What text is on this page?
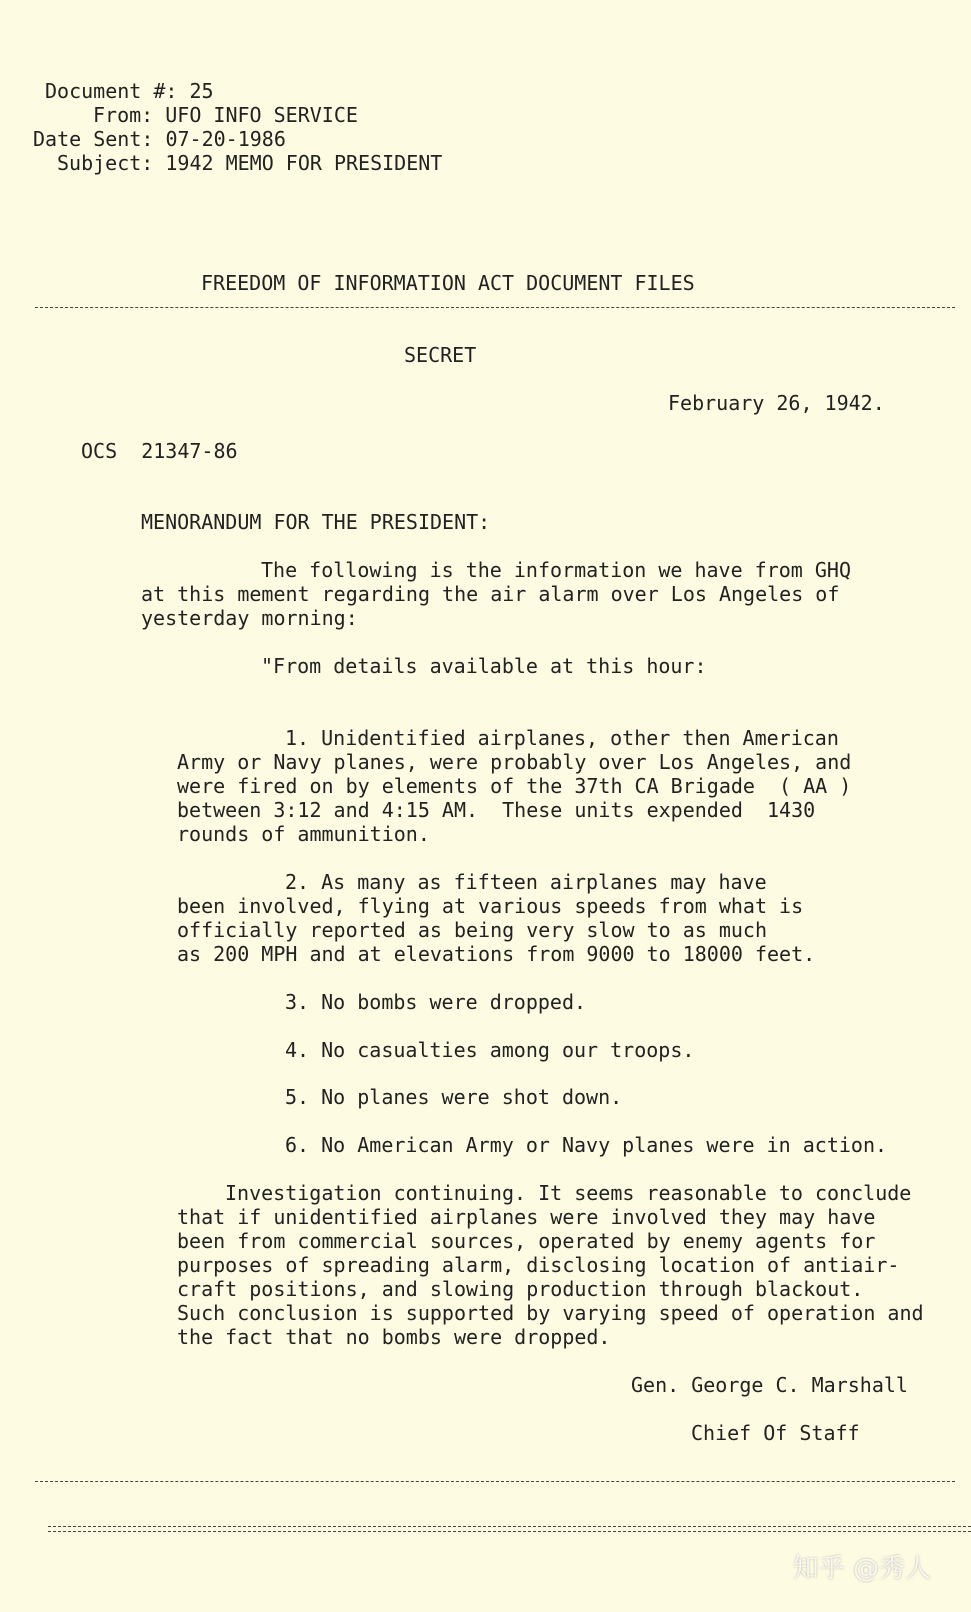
Document #: 25
From: UFO INFO SERVICE
Date Sent: 07-20-1986
Subject: 1942 MEMO FOR PRESIDENT
FREEDOM OF INFORMATION ACT DOCUMENT FILES
SECRET
February 26, 1942.
OCS  21347-86
MENORANDUM FOR THE PRESIDENT:
The following is the information we have from GHQ
at this mement regarding the air alarm over Los Angeles of
yesterday morning:
"From details available at this hour:
1. Unidentified airplanes, other then American
Army or Navy planes, were probably over Los Angeles, and
were fired on by elements of the 37th CA Brigade  ( AA )
between 3:12 and 4:15 AM.  These units expended  1430
rounds of ammunition.
2. As many as fifteen airplanes may have
been involved, flying at various speeds from what is
officially reported as being very slow to as much
as 200 MPH and at elevations from 9000 to 18000 feet.
3. No bombs were dropped.
4. No casualties among our troops.
5. No planes were shot down.
6. No American Army or Navy planes were in action.
Investigation continuing. It seems reasonable to conclude
that if unidentified airplanes were involved they may have
been from commercial sources, operated by enemy agents for
purposes of spreading alarm, disclosing location of antiair-
craft positions, and slowing production through blackout.
Such conclusion is supported by varying speed of operation and
the fact that no bombs were dropped.
Gen. George C. Marshall
Chief Of Staff
知乎 @秀人
